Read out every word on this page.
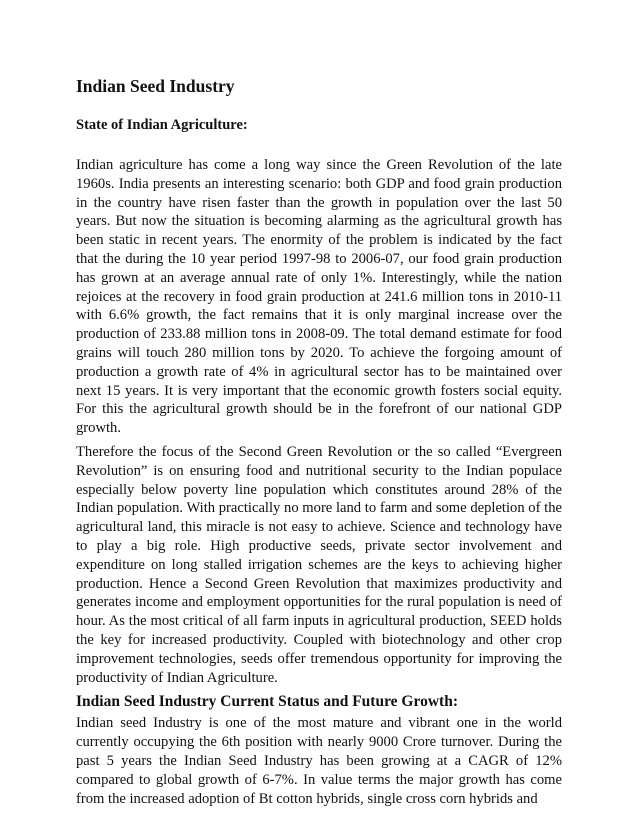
Indian Seed Industry
State of Indian Agriculture:

Indian agriculture has come a long way since the Green Revolution of the late 1960s. India presents an interesting scenario: both GDP and food grain production in the country have risen faster than the growth in population over the last 50 years. But now the situation is becoming alarming as the agricultural growth has been static in recent years. The enormity of the problem is indicated by the fact that the during the 10 year period 1997-98 to 2006-07, our food grain production has grown at an average annual rate of only 1%. Interestingly, while the nation rejoices at the recovery in food grain production at 241.6 million tons in 2010-11 with 6.6% growth, the fact remains that it is only marginal increase over the production of 233.88 million tons in 2008-09. The total demand estimate for food grains will touch 280 million tons by 2020. To achieve the forgoing amount of production a growth rate of 4% in agricultural sector has to be maintained over next 15 years. It is very important that the economic growth fosters social equity. For this the agricultural growth should be in the forefront of our national GDP growth.

Therefore the focus of the Second Green Revolution or the so called “Evergreen Revolution” is on ensuring food and nutritional security to the Indian populace especially below poverty line population which constitutes around 28% of the Indian population. With practically no more land to farm and some depletion of the agricultural land, this miracle is not easy to achieve. Science and technology have to play a big role. High productive seeds, private sector involvement and expenditure on long stalled irrigation schemes are the keys to achieving higher production. Hence a Second Green Revolution that maximizes productivity and generates income and employment opportunities for the rural population is need of hour. As the most critical of all farm inputs in agricultural production, SEED holds the key for increased productivity. Coupled with biotechnology and other crop improvement technologies, seeds offer tremendous opportunity for improving the productivity of Indian Agriculture.

Indian Seed Industry Current Status and Future Growth:

Indian seed Industry is one of the most mature and vibrant one in the world currently occupying the 6th position with nearly 9000 Crore turnover. During the past 5 years the Indian Seed Industry has been growing at a CAGR of 12% compared to global growth of 6-7%. In value terms the major growth has come from the increased adoption of Bt cotton hybrids, single cross corn hybrids and
